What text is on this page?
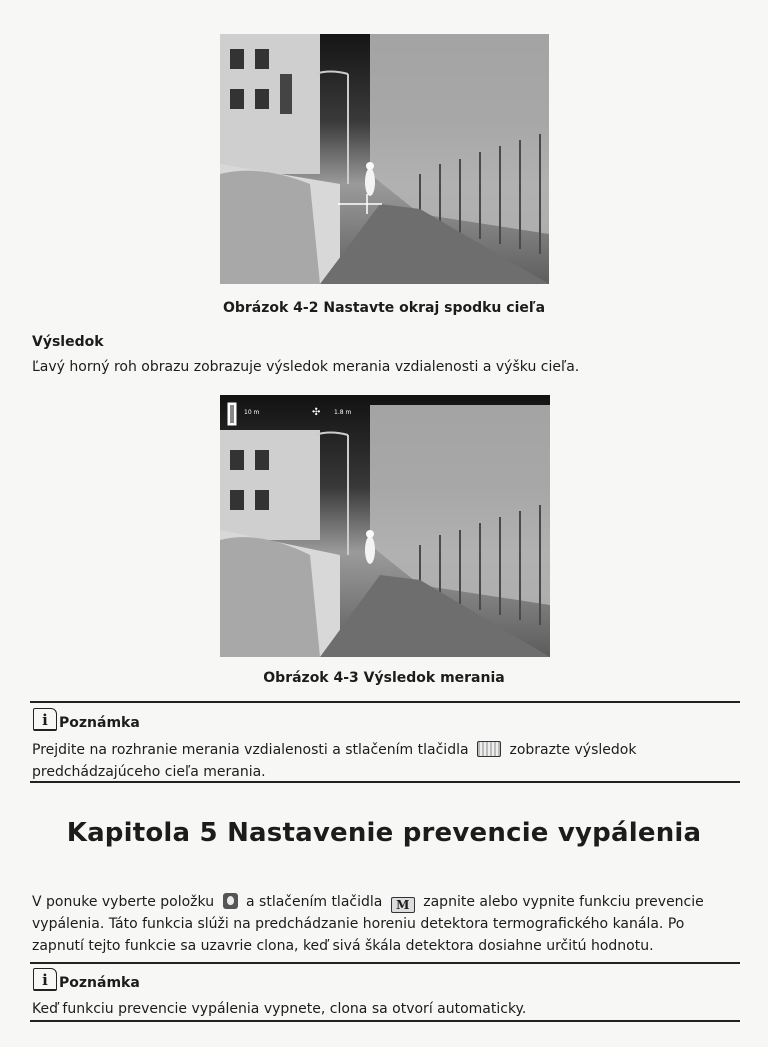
Obrázok 4-2 Nastavte okraj spodku cieľa
Výsledok
Ľavý horný roh obrazu zobrazuje výsledok merania vzdialenosti a výšku cieľa.
10 m	✣ 1.8 m
Obrázok 4-3 Výsledok merania
i Poznámka
Prejdite na rozhranie merania vzdialenosti a stlačením tlačidla	zobrazte výsledok
predchádzajúceho cieľa merania.
Kapitola 5 Nastavenie prevencie vypálenia
V ponuke vyberte položku a stlačením tlačidla M zapnite alebo vypnite funkciu prevencie
vypálenia. Táto funkcia slúži na predchádzanie horeniu detektora termografického kanála. Po
zapnutí tejto funkcie sa uzavrie clona, keď sivá škála detektora dosiahne určitú hodnotu.
i Poznámka
Keď funkciu prevencie vypálenia vypnete, clona sa otvorí automaticky.
